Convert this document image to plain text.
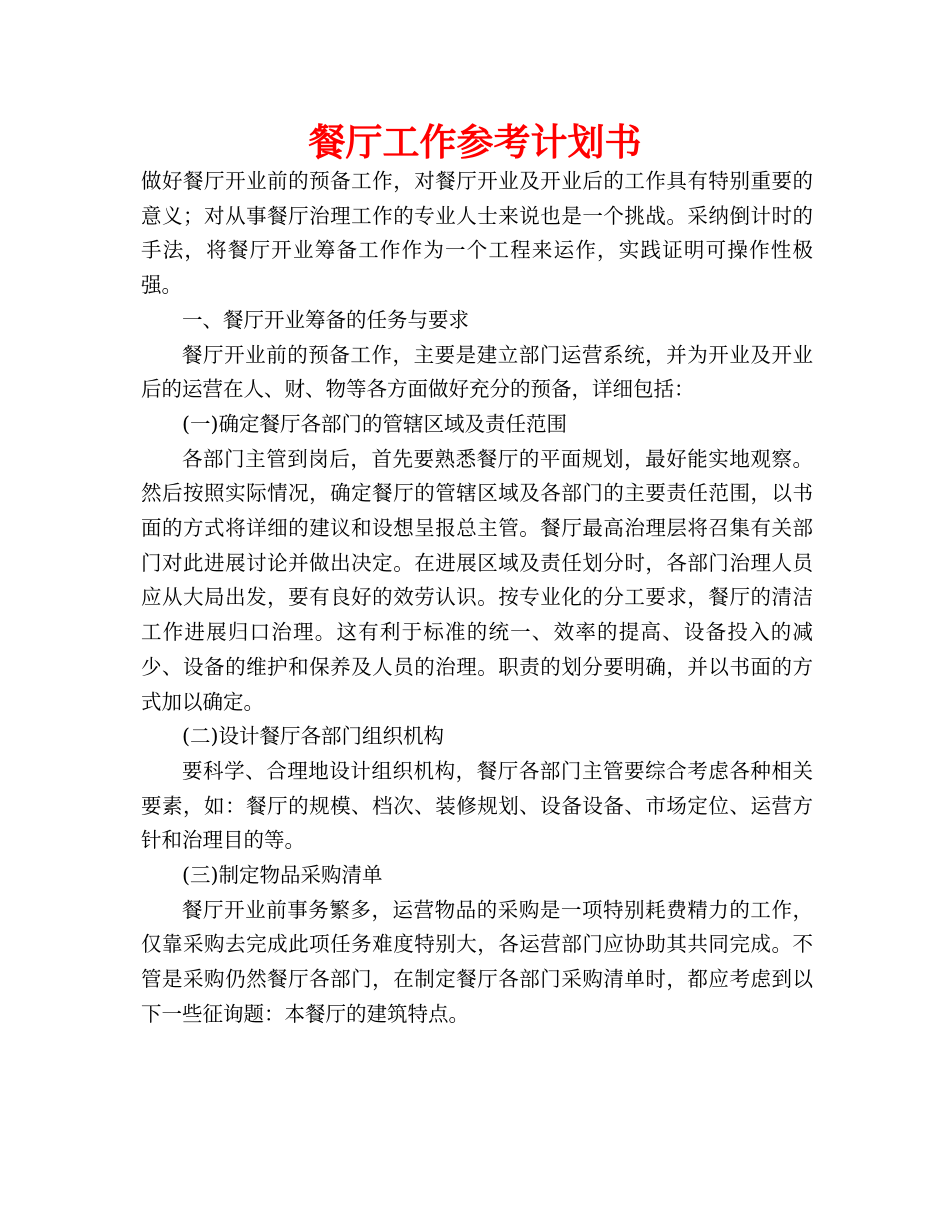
餐厅工作参考计划书

做好餐厅开业前的预备工作，对餐厅开业及开业后的工作具有特别重要的意义；对从事餐厅治理工作的专业人士来说也是一个挑战。采纳倒计时的手法，将餐厅开业筹备工作作为一个工程来运作，实践证明可操作性极强。

一、餐厅开业筹备的任务与要求

餐厅开业前的预备工作，主要是建立部门运营系统，并为开业及开业后的运营在人、财、物等各方面做好充分的预备，详细包括：

(一)确定餐厅各部门的管辖区域及责任范围

各部门主管到岗后，首先要熟悉餐厅的平面规划，最好能实地观察。然后按照实际情况，确定餐厅的管辖区域及各部门的主要责任范围，以书面的方式将详细的建议和设想呈报总主管。餐厅最高治理层将召集有关部门对此进展讨论并做出决定。在进展区域及责任划分时，各部门治理人员应从大局出发，要有良好的效劳认识。按专业化的分工要求，餐厅的清洁工作进展归口治理。这有利于标准的统一、效率的提高、设备投入的减少、设备的维护和保养及人员的治理。职责的划分要明确，并以书面的方式加以确定。

(二)设计餐厅各部门组织机构

要科学、合理地设计组织机构，餐厅各部门主管要综合考虑各种相关要素，如：餐厅的规模、档次、装修规划、设备设备、市场定位、运营方针和治理目的等。

(三)制定物品采购清单

餐厅开业前事务繁多，运营物品的采购是一项特别耗费精力的工作，仅靠采购去完成此项任务难度特别大，各运营部门应协助其共同完成。不管是采购仍然餐厅各部门，在制定餐厅各部门采购清单时，都应考虑到以下一些征询题：本餐厅的建筑特点。
